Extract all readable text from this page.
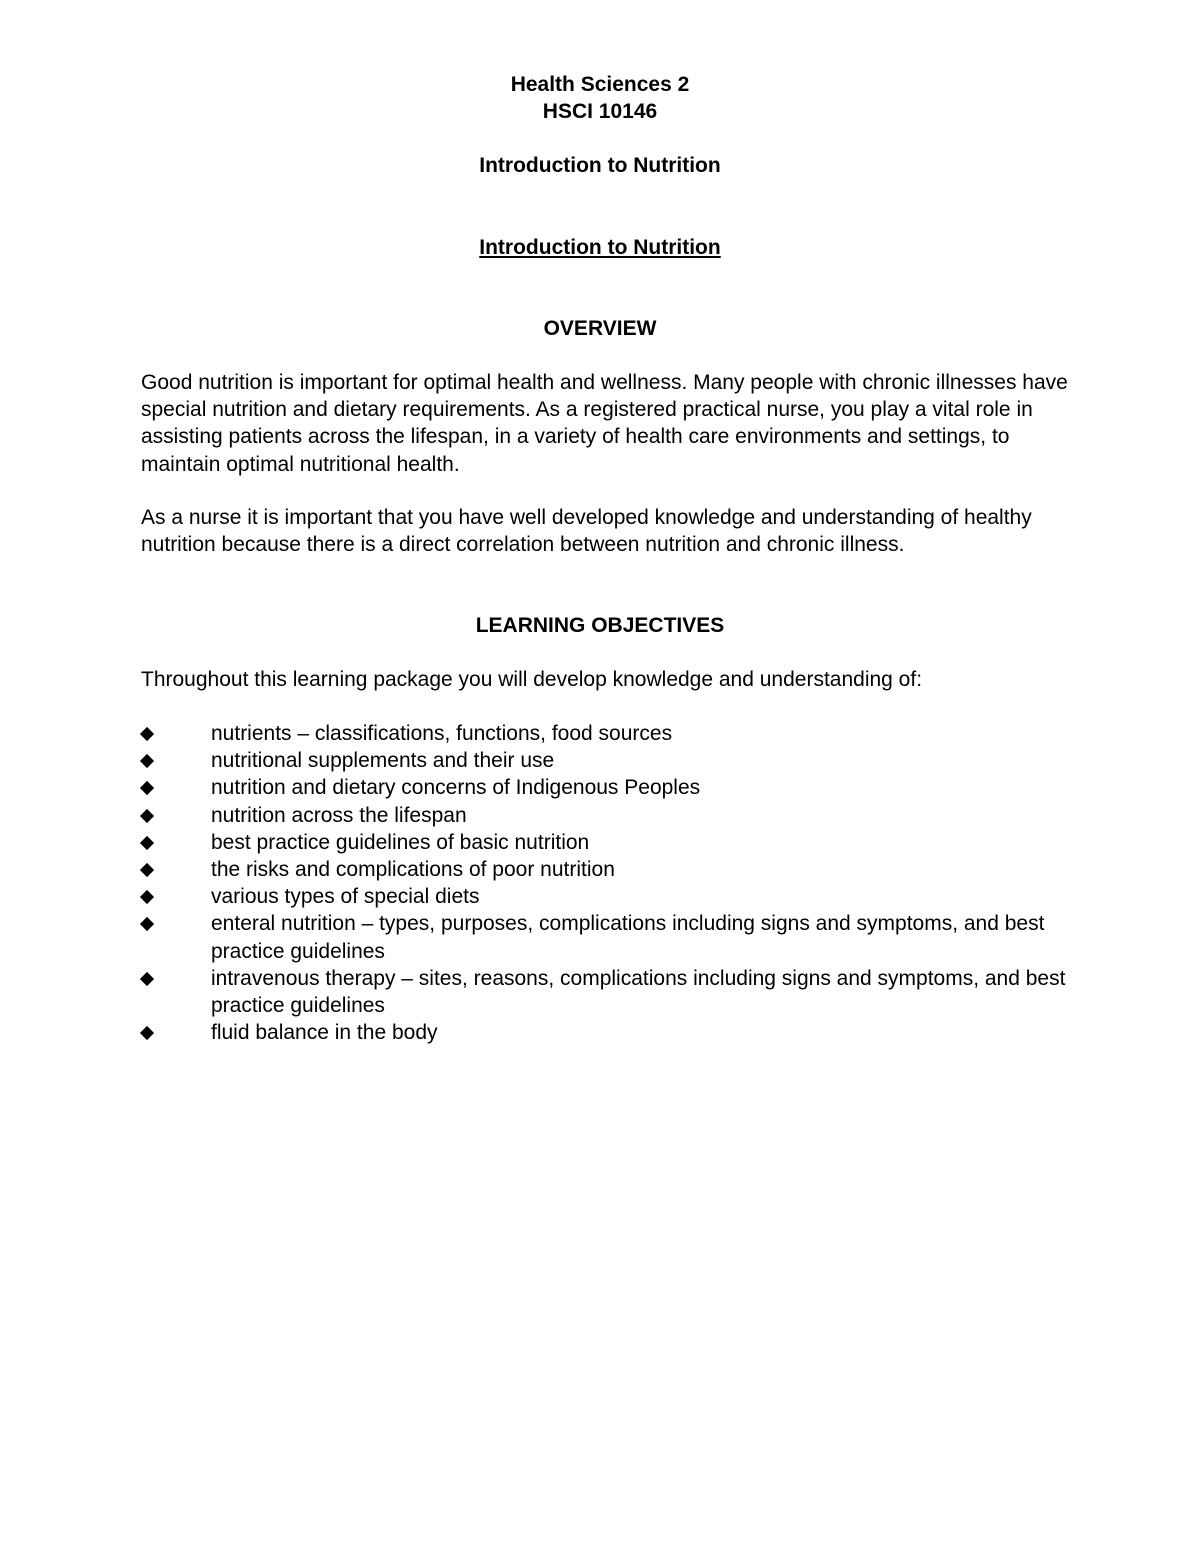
Health Sciences 2
HSCI 10146
Introduction to Nutrition
Introduction to Nutrition
OVERVIEW
Good nutrition is important for optimal health and wellness. Many people with chronic illnesses have special nutrition and dietary requirements. As a registered practical nurse, you play a vital role in assisting patients across the lifespan, in a variety of health care environments and settings, to maintain optimal nutritional health.
As a nurse it is important that you have well developed knowledge and understanding of healthy nutrition because there is a direct correlation between nutrition and chronic illness.
LEARNING OBJECTIVES
Throughout this learning package you will develop knowledge and understanding of:
nutrients – classifications, functions, food sources
nutritional supplements and their use
nutrition and dietary concerns of Indigenous Peoples
nutrition across the lifespan
best practice guidelines of basic nutrition
the risks and complications of poor nutrition
various types of special diets
enteral nutrition – types, purposes, complications including signs and symptoms, and best practice guidelines
intravenous therapy – sites, reasons, complications including signs and symptoms, and best practice guidelines
fluid balance in the body
